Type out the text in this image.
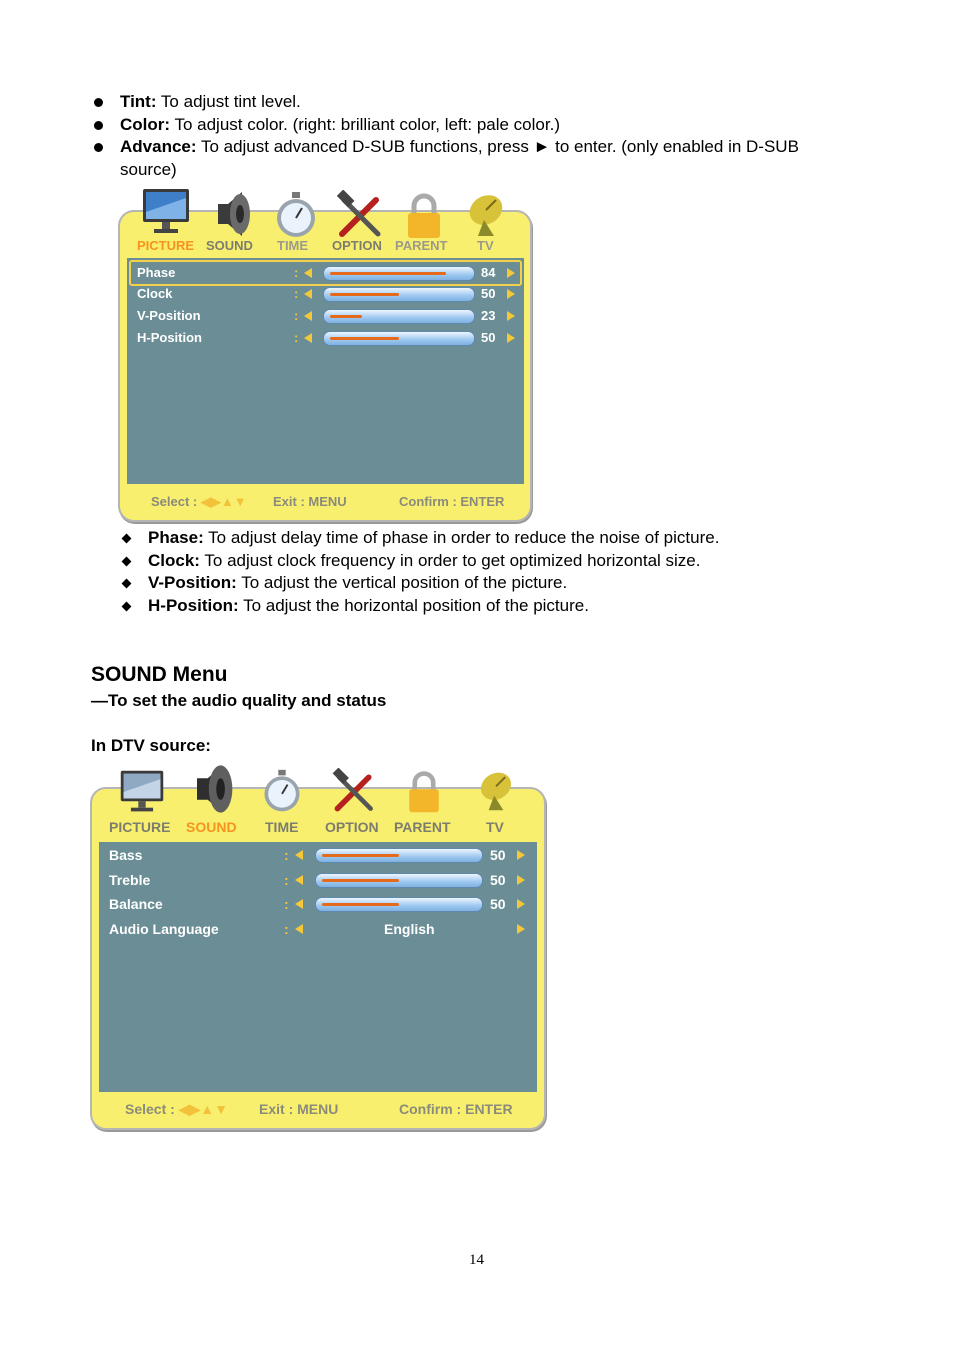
Tint: To adjust tint level.
Color: To adjust color. (right: brilliant color, left: pale color.)
Advance: To adjust advanced D-SUB functions, press ► to enter. (only enabled in D-SUB source)
PICTURE SOUND TIME OPTION PARENT TV
Phase	:	84
Clock	:	50
V-Position	:	23
H-Position	:	50
Select : ◀▶▲▼ Exit : MENU	Confirm : ENTER
Phase: To adjust delay time of phase in order to reduce the noise of picture.
Clock: To adjust clock frequency in order to get optimized horizontal size.
V-Position: To adjust the vertical position of the picture.
H-Position: To adjust the horizontal position of the picture.
SOUND Menu
—To set the audio quality and status
In DTV source:
PICTURE SOUND TIME OPTION PARENT	TV
Bass	:	50
Treble	:	50
Balance	:	50
Audio Language	:	English
Select : ◀▶▲▼ Exit : MENU	Confirm : ENTER
14
